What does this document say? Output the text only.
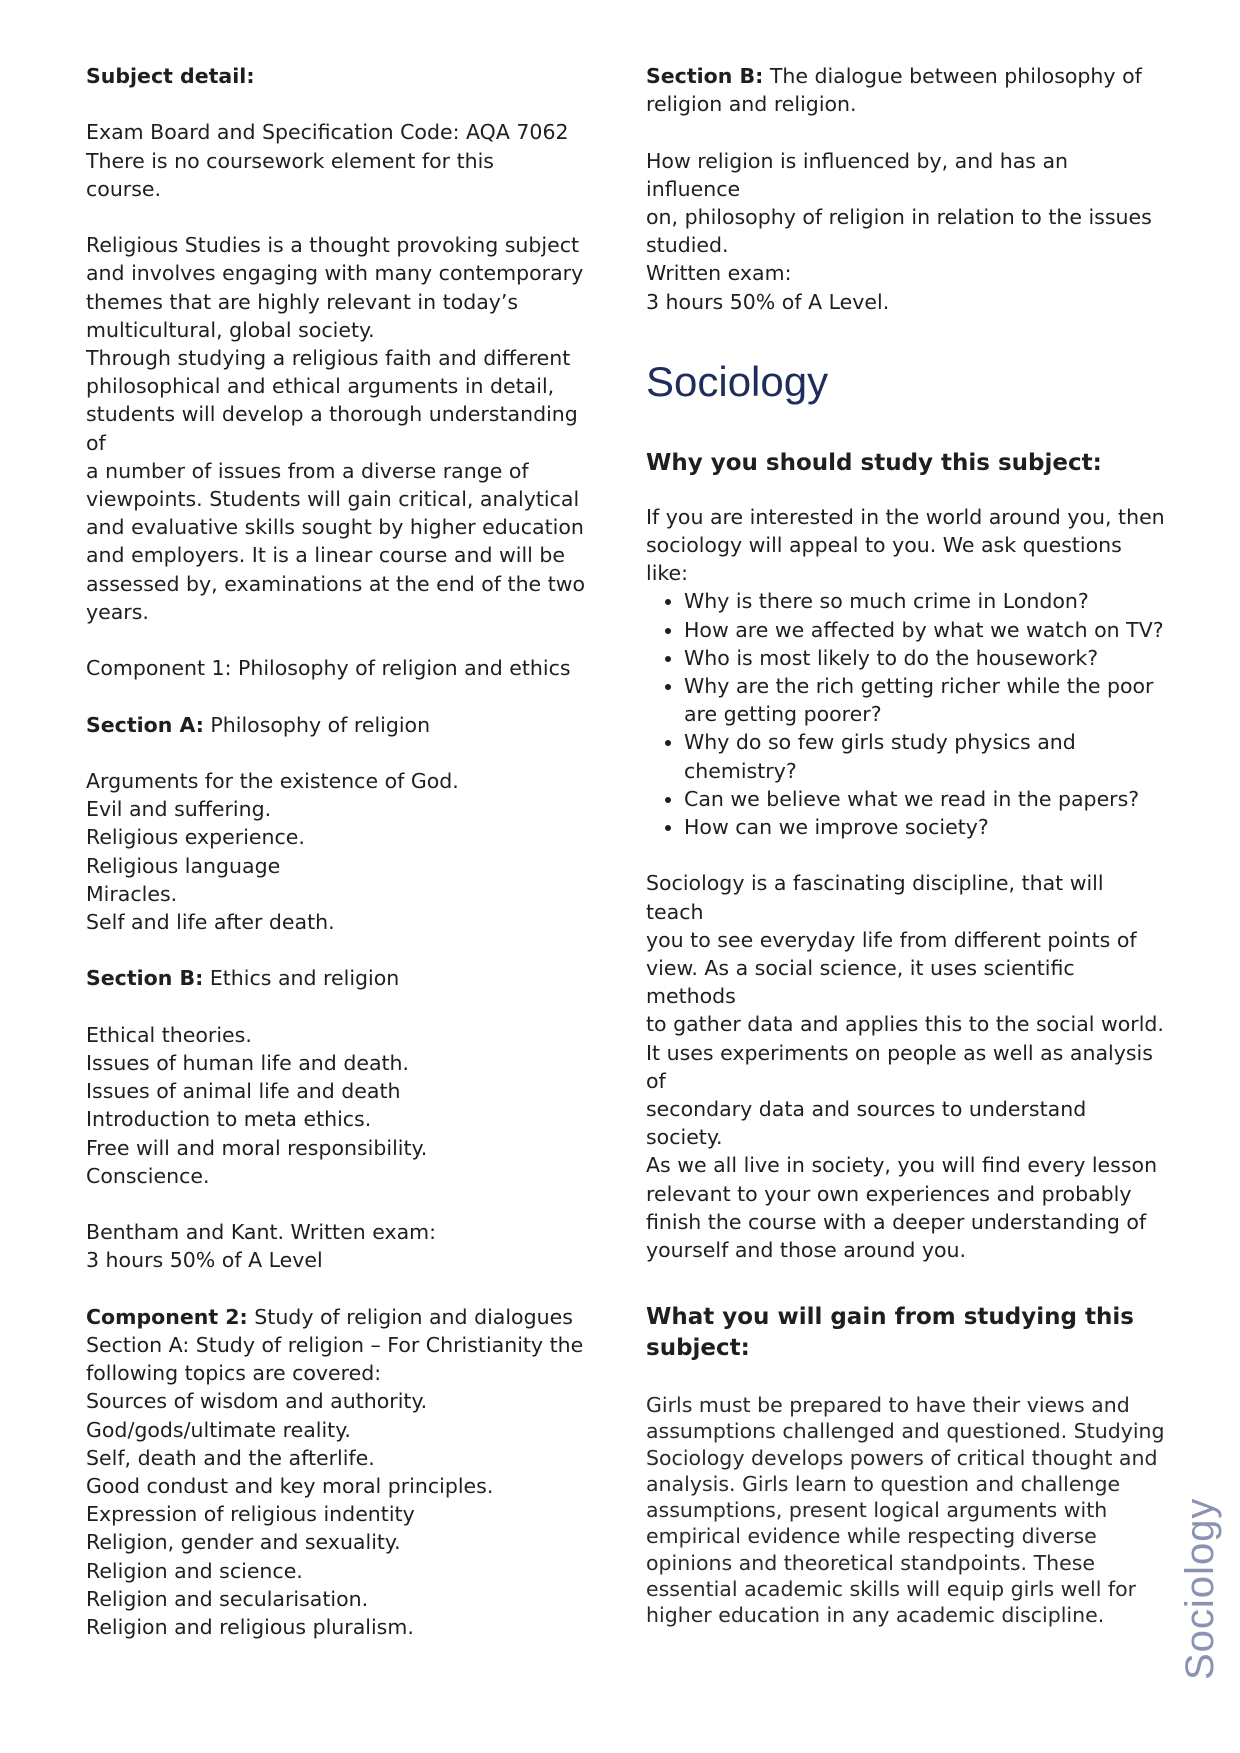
Subject detail:

Exam Board and Specification Code: AQA 7062

There is no coursework element for this

course.

Religious Studies is a thought provoking subject

and involves engaging with many contemporary

themes that are highly relevant in today’s

multicultural, global society.

Through studying a religious faith and different

philosophical and ethical arguments in detail,

students will develop a thorough understanding of

a number of issues from a diverse range of

viewpoints. Students will gain critical, analytical

and evaluative skills sought by higher education

and employers. It is a linear course and will be

assessed by, examinations at the end of the two

years.

Component 1: Philosophy of religion and ethics

Section A: Philosophy of religion

Arguments for the existence of God.

Evil and suffering.

Religious experience.

Religious language

Miracles.

Self and life after death.

Section B: Ethics and religion

Ethical theories.

Issues of human life and death.

Issues of animal life and death

Introduction to meta ethics.

Free will and moral responsibility.

Conscience.

Bentham and Kant. Written exam:

3 hours 50% of A Level

Component 2: Study of religion and dialogues

Section A: Study of religion – For Christianity the

following topics are covered:

Sources of wisdom and authority.

God/gods/ultimate reality.

Self, death and the afterlife.

Good condust and key moral principles.

Expression of religious indentity

Religion, gender and sexuality.

Religion and science.

Religion and secularisation.

Religion and religious pluralism.

Section B: The dialogue between philosophy of

religion and religion.

How religion is influenced by, and has an influence

on, philosophy of religion in relation to the issues

studied.

Written exam:

3 hours 50% of A Level.

Sociology

Why you should study this subject:

If you are interested in the world around you, then

sociology will appeal to you. We ask questions like:

• Why is there so much crime in London?
• How are we affected by what we watch on TV?
• Who is most likely to do the housework?
• Why are the rich getting richer while the poor are getting poorer?
• Why do so few girls study physics and chemistry?
• Can we believe what we read in the papers?
• How can we improve society?

Sociology is a fascinating discipline, that will teach

you to see everyday life from different points of

view. As a social science, it uses scientific methods

to gather data and applies this to the social world.

It uses experiments on people as well as analysis of

secondary data and sources to understand society.

As we all live in society, you will find every lesson

relevant to your own experiences and probably

finish the course with a deeper understanding of

yourself and those around you.

What you will gain from studying this

subject:

Girls must be prepared to have their views and

assumptions challenged and questioned. Studying

Sociology develops powers of critical thought and

analysis. Girls learn to question and challenge

assumptions, present logical arguments with

empirical evidence while respecting diverse

opinions and theoretical standpoints. These

essential academic skills will equip girls well for

higher education in any academic discipline.	Sociology
